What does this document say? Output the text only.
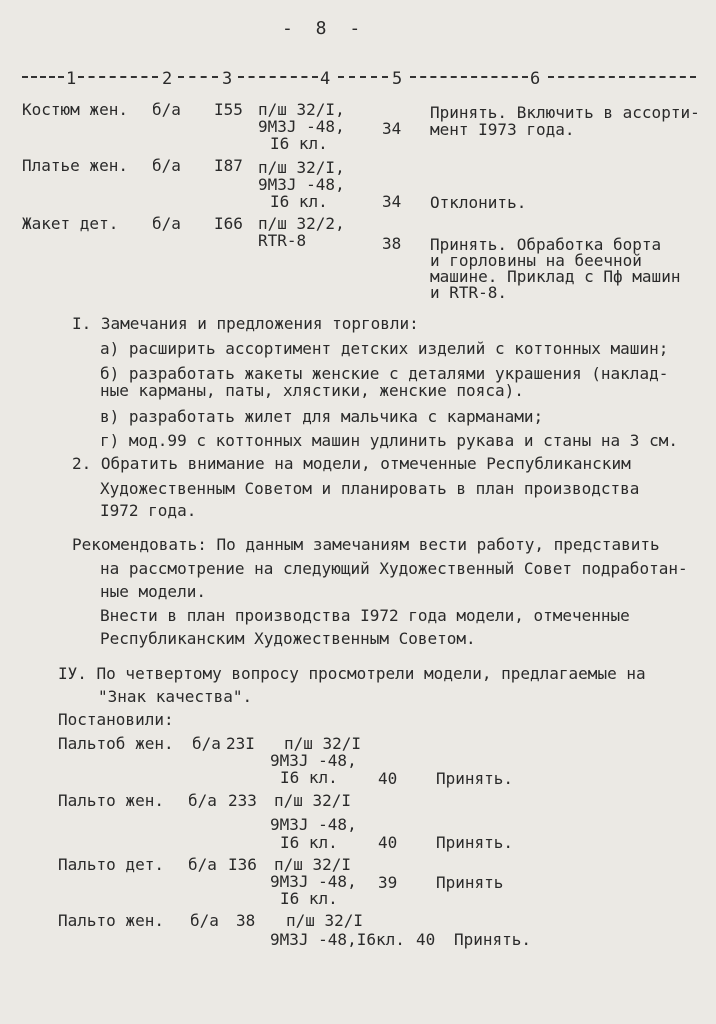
- 8 -
1	2	3	4	5	6
Костюм жен. б/а I55 п/ш 32/I,
9МЗЈ -48,
I6 кл.
34
Принять. Включить в ассорти-
мент I973 года.
Платье жен. б/а I87 п/ш 32/I,
9МЗЈ -48,
I6 кл.	34 Отклонить.
Жакет дет. б/а I66 п/ш 32/2,
RTR-8	38 Принять. Обработка борта
и горловины на беечной
машине. Приклад с Пф машин
и RTR-8.
I. Замечания и предложения торговли:
а) расширить ассортимент детских изделий с коттонных машин;
б) разработать жакеты женские с деталями украшения (наклад-
ные карманы, паты, хлястики, женские пояса).
в) разработать жилет для мальчика с карманами;
г) мод.99 с коттонных машин удлинить рукава и станы на 3 см.
2. Обратить внимание на модели, отмеченные Республиканским
Художественным Советом и планировать в план производства
I972 года.
Рекомендовать: По данным замечаниям вести работу, представить
на рассмотрение на следующий Художественный Совет подработан-
ные модели.
Внести в план производства I972 года модели, отмеченные
Республиканским Художественным Советом.
IУ. По четвертому вопросу просмотрели модели, предлагаемые на
"Знак качества".
Постановили:
Пальтоб жен. б/а 23I п/ш 32/I
9МЗЈ -48,
I6 кл.	40 Принять.
Пальто жен. б/а 233 п/ш 32/I
9МЗЈ -48,
I6 кл.	40 Принять.
Пальто дет. б/а I36 п/ш 32/I
9МЗЈ -48,
I6 кл.
39 Принять
Пальто жен. б/а 38 п/ш 32/I
9МЗЈ -48,I6кл. 40 Принять.
